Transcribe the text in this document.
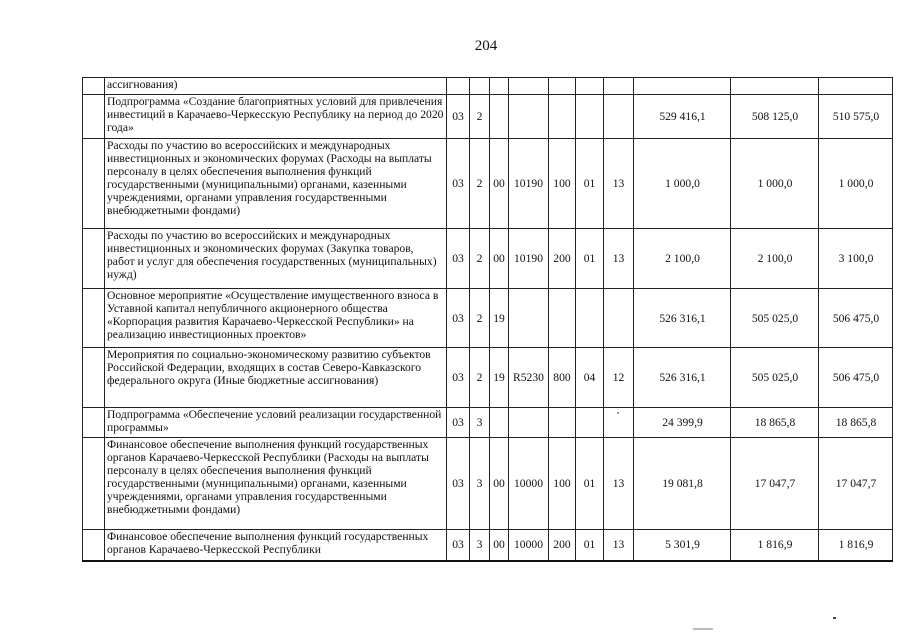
204
	ассигнования)										
	Подпрограмма «Создание благоприятных условий для привлечения инвестиций в Карачаево-Черкесскую Республику на период до 2020 года»	03	2						529 416,1	508 125,0	510 575,0
	Расходы по участию во всероссийских и международных инвестиционных и экономических форумах (Расходы на выплаты персоналу в целях обеспечения выполнения функций государственными (муниципальными) органами, казенными учреждениями, органами управления государственными внебюджетными фондами)	03	2	00	10190	100	01	13	1 000,0	1 000,0	1 000,0
	Расходы по участию во всероссийских и международных инвестиционных и экономических форумах (Закупка товаров, работ и услуг для обеспечения государственных (муниципальных) нужд)	03	2	00	10190	200	01	13	2 100,0	2 100,0	3 100,0
	Основное мероприятие «Осуществление имущественного взноса в Уставной капитал непубличного акционерного общества «Корпорация развития Карачаево-Черкесской Республики» на реализацию инвестиционных проектов»	03	2	19					526 316,1	505 025,0	506 475,0
	Мероприятия по социально-экономическому развитию субъектов Российской Федерации, входящих в состав Северо-Кавказского федерального округа (Иные бюджетные ассигнования)	03	2	19	R5230	800	04	12	526 316,1	505 025,0	506 475,0
	Подпрограмма «Обеспечение условий реализации государственной программы»	03	3						24 399,9	18 865,8	18 865,8
	Финансовое обеспечение выполнения функций государственных органов Карачаево-Черкесской Республики (Расходы на выплаты персоналу в целях обеспечения выполнения функций государственными (муниципальными) органами, казенными учреждениями, органами управления государственными внебюджетными фондами)	03	3	00	10000	100	01	13	19 081,8	17 047,7	17 047,7
	Финансовое обеспечение выполнения функций государственных органов Карачаево-Черкесской Республики	03	3	00	10000	200	01	13	5 301,9	1 816,9	1 816,9
